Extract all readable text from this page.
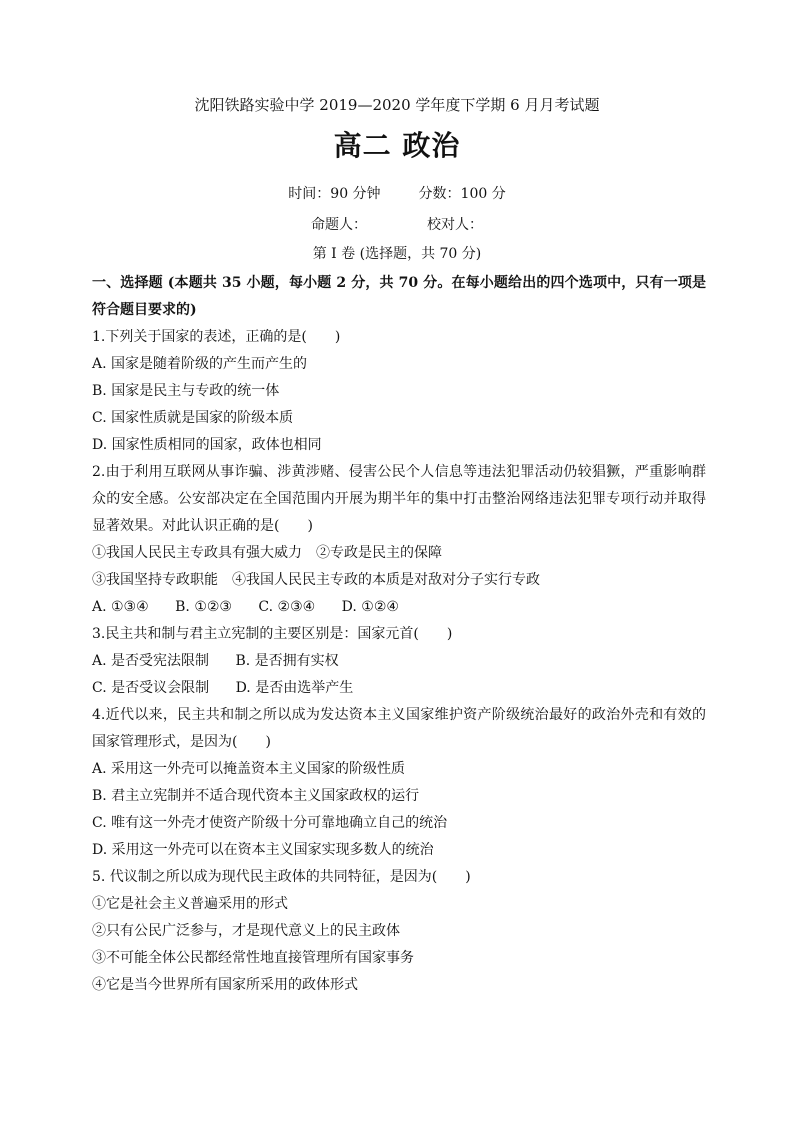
沈阳铁路实验中学 2019—2020 学年度下学期 6 月月考试题
高二 政治
时间：90 分钟	分数：100 分
命题人：	校对人：
第 I 卷 (选择题，共 70 分)

一、选择题 (本题共 35 小题，每小题 2 分，共 70 分。在每小题给出的四个选项中，只有一项是符合题目要求的)

1.下列关于国家的表述，正确的是(　　)

A. 国家是随着阶级的产生而产生的

B. 国家是民主与专政的统一体

C. 国家性质就是国家的阶级本质

D. 国家性质相同的国家，政体也相同

2.由于利用互联网从事诈骗、涉黄涉赌、侵害公民个人信息等违法犯罪活动仍较猖獗，严重影响群众的安全感。公安部决定在全国范围内开展为期半年的集中打击整治网络违法犯罪专项行动并取得显著效果。对此认识正确的是(　　)

①我国人民民主专政具有强大威力　②专政是民主的保障

③我国坚持专政职能　④我国人民民主专政的本质是对敌对分子实行专政

A. ①③④ B. ①②③ C. ②③④ D. ①②④

3.民主共和制与君主立宪制的主要区别是：国家元首(　　)

A. 是否受宪法限制 B. 是否拥有实权

C. 是否受议会限制 D. 是否由选举产生

4.近代以来，民主共和制之所以成为发达资本主义国家维护资产阶级统治最好的政治外壳和有效的国家管理形式，是因为(　　)

A. 采用这一外壳可以掩盖资本主义国家的阶级性质

B. 君主立宪制并不适合现代资本主义国家政权的运行

C. 唯有这一外壳才使资产阶级十分可靠地确立自己的统治

D. 采用这一外壳可以在资本主义国家实现多数人的统治

5. 代议制之所以成为现代民主政体的共同特征，是因为(　　)

①它是社会主义普遍采用的形式

②只有公民广泛参与，才是现代意义上的民主政体

③不可能全体公民都经常性地直接管理所有国家事务

④它是当今世界所有国家所采用的政体形式
